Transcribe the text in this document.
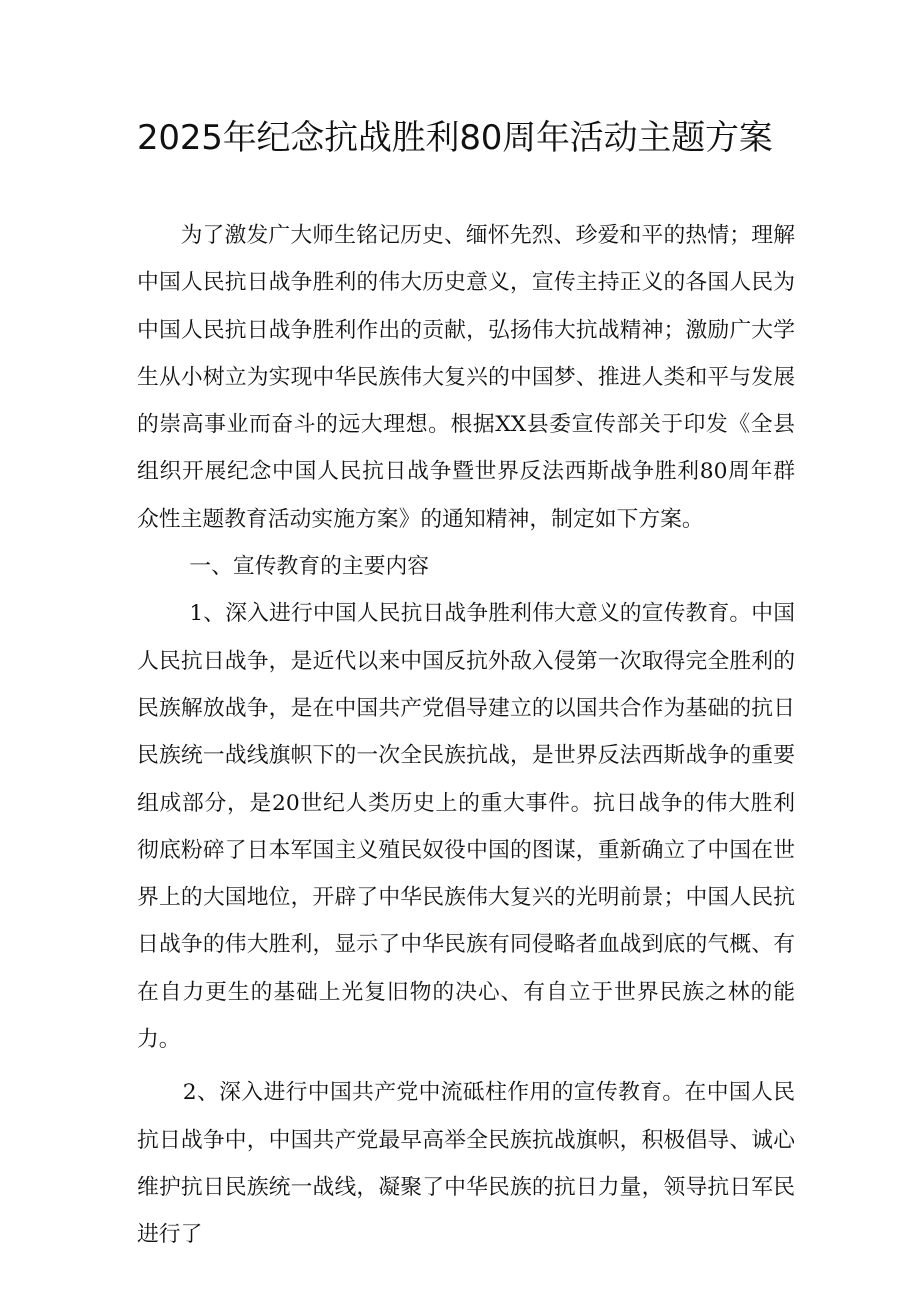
2025年纪念抗战胜利80周年活动主题方案

为了激发广大师生铭记历史、缅怀先烈、珍爱和平的热情；理解中国人民抗日战争胜利的伟大历史意义，宣传主持正义的各国人民为中国人民抗日战争胜利作出的贡献，弘扬伟大抗战精神；激励广大学生从小树立为实现中华民族伟大复兴的中国梦、推进人类和平与发展的崇高事业而奋斗的远大理想。根据XX县委宣传部关于印发《全县组织开展纪念中国人民抗日战争暨世界反法西斯战争胜利80周年群众性主题教育活动实施方案》的通知精神，制定如下方案。

一、宣传教育的主要内容

1、深入进行中国人民抗日战争胜利伟大意义的宣传教育。中国人民抗日战争，是近代以来中国反抗外敌入侵第一次取得完全胜利的民族解放战争，是在中国共产党倡导建立的以国共合作为基础的抗日民族统一战线旗帜下的一次全民族抗战，是世界反法西斯战争的重要组成部分，是20世纪人类历史上的重大事件。抗日战争的伟大胜利彻底粉碎了日本军国主义殖民奴役中国的图谋，重新确立了中国在世界上的大国地位，开辟了中华民族伟大复兴的光明前景；中国人民抗日战争的伟大胜利，显示了中华民族有同侵略者血战到底的气概、有在自力更生的基础上光复旧物的决心、有自立于世界民族之林的能力。

2、深入进行中国共产党中流砥柱作用的宣传教育。在中国人民抗日战争中，中国共产党最早高举全民族抗战旗帜，积极倡导、诚心维护抗日民族统一战线，凝聚了中华民族的抗日力量，领导抗日军民进行了
